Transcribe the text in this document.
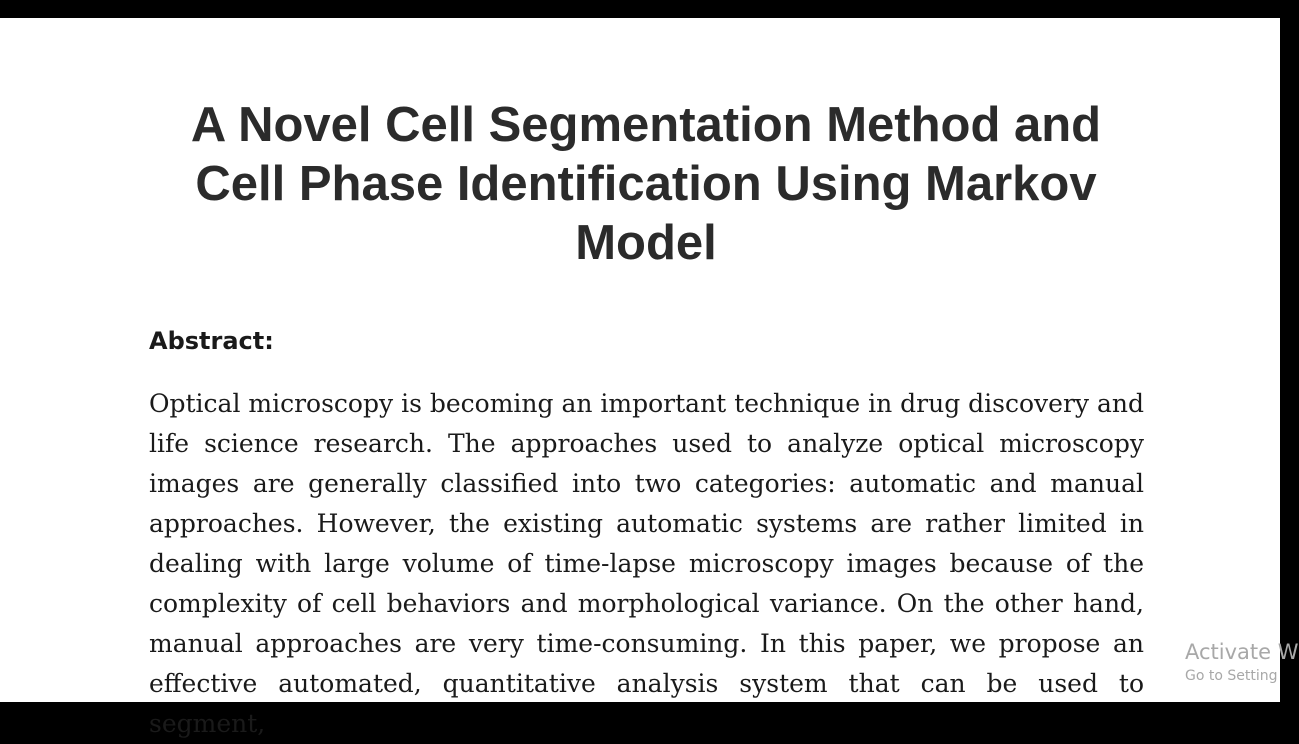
A Novel Cell Segmentation Method and Cell Phase Identification Using Markov Model
Abstract:

Optical microscopy is becoming an important technique in drug discovery and life science research. The approaches used to analyze optical microscopy images are generally classified into two categories: automatic and manual approaches. However, the existing automatic systems are rather limited in dealing with large volume of time-lapse microscopy images because of the complexity of cell behaviors and morphological variance. On the other hand, manual approaches are very time-consuming. In this paper, we propose an effective automated, quantitative analysis system that can be used to segment,

Activate W
Go to Setting
